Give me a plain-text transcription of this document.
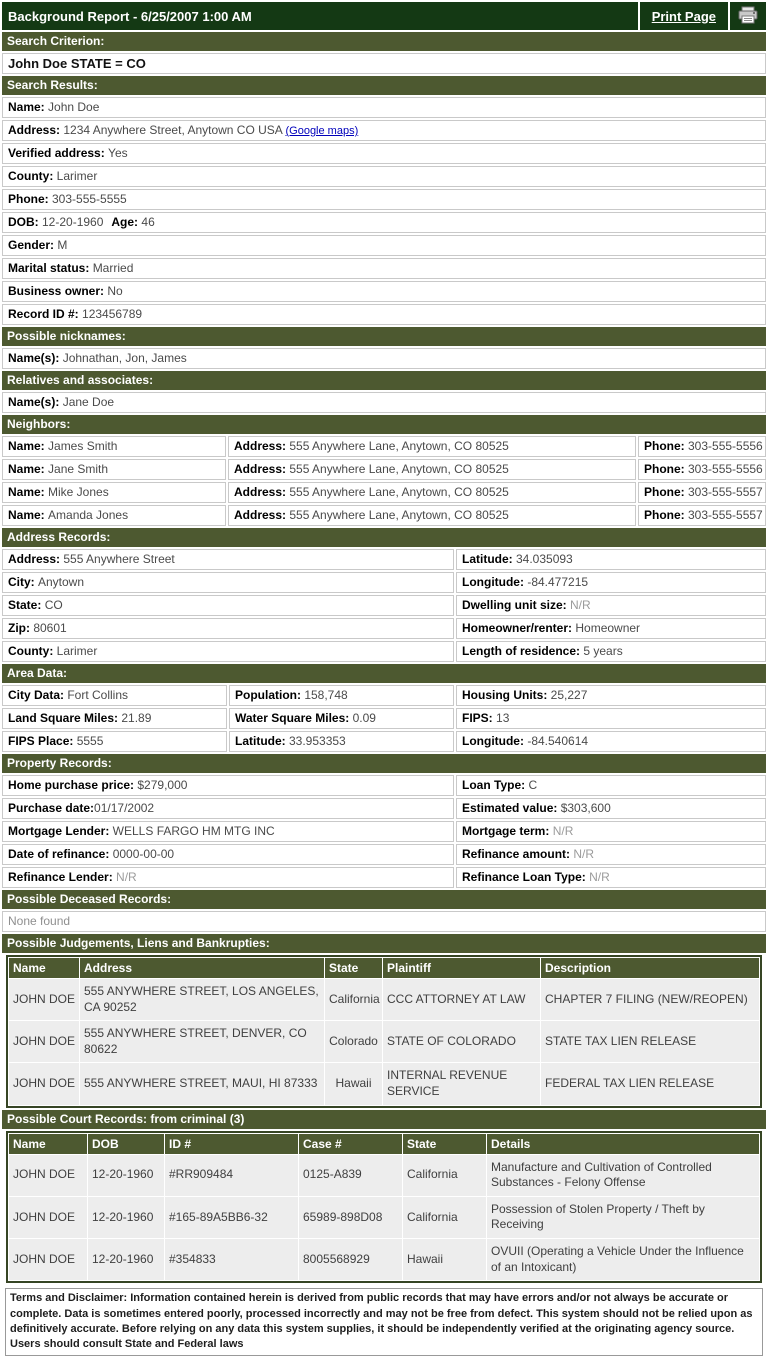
Background Report - 6/25/2007 1:00 AM	Print Page
Search Criterion:
John Doe STATE = CO
Search Results:
Name: John Doe
Address: 1234 Anywhere Street, Anytown CO USA (Google maps)
Verified address: Yes
County: Larimer
Phone: 303-555-5555
DOB: 12-20-1960 Age: 46
Gender: M
Marital status: Married
Business owner: No
Record ID #: 123456789
Possible nicknames:
Name(s): Johnathan, Jon, James
Relatives and associates:
Name(s): Jane Doe
Neighbors:
Name: James Smith	Address: 555 Anywhere Lane, Anytown, CO 80525	Phone: 303-555-5556
Name: Jane Smith	Address: 555 Anywhere Lane, Anytown, CO 80525	Phone: 303-555-5556
Name: Mike Jones	Address: 555 Anywhere Lane, Anytown, CO 80525	Phone: 303-555-5557
Name: Amanda Jones	Address: 555 Anywhere Lane, Anytown, CO 80525	Phone: 303-555-5557
Address Records:
Address: 555 Anywhere Street	Latitude: 34.035093
City: Anytown	Longitude: -84.477215
State: CO	Dwelling unit size: N/R
Zip: 80601	Homeowner/renter: Homeowner
County: Larimer	Length of residence: 5 years
Area Data:
City Data: Fort Collins	Population: 158,748	Housing Units: 25,227
Land Square Miles: 21.89	Water Square Miles: 0.09	FIPS: 13
FIPS Place: 5555	Latitude: 33.953353	Longitude: -84.540614
Property Records:
Home purchase price: $279,000	Loan Type: C
Purchase date:01/17/2002	Estimated value: $303,600
Mortgage Lender: WELLS FARGO HM MTG INC	Mortgage term: N/R
Date of refinance: 0000-00-00	Refinance amount: N/R
Refinance Lender: N/R	Refinance Loan Type: N/R
Possible Deceased Records:
None found
Possible Judgements, Liens and Bankrupties:
Name	Address	State	Plaintiff	Description
JOHN DOE	555 ANYWHERE STREET, LOS ANGELES, CA 90252	California	CCC ATTORNEY AT LAW	CHAPTER 7 FILING (NEW/REOPEN)
JOHN DOE	555 ANYWHERE STREET, DENVER, CO 80622	Colorado	STATE OF COLORADO	STATE TAX LIEN RELEASE
JOHN DOE	555 ANYWHERE STREET, MAUI, HI 87333	Hawaii	INTERNAL REVENUE SERVICE	FEDERAL TAX LIEN RELEASE
Possible Court Records: from criminal (3)
Name	DOB	ID #	Case #	State	Details
JOHN DOE	12-20-1960	#RR909484	0125-A839	California	Manufacture and Cultivation of Controlled Substances - Felony Offense
JOHN DOE	12-20-1960	#165-89A5BB6-32	65989-898D08	California	Possession of Stolen Property / Theft by Receiving
JOHN DOE	12-20-1960	#354833	8005568929	Hawaii	OVUII (Operating a Vehicle Under the Influence of an Intoxicant)
Terms and Disclaimer: Information contained herein is derived from public records that may have errors and/or not always be accurate or complete. Data is sometimes entered poorly, processed incorrectly and may not be free from defect. This system should not be relied upon as definitively accurate. Before relying on any data this system supplies, it should be independently verified at the originating agency source. Users should consult State and Federal laws
